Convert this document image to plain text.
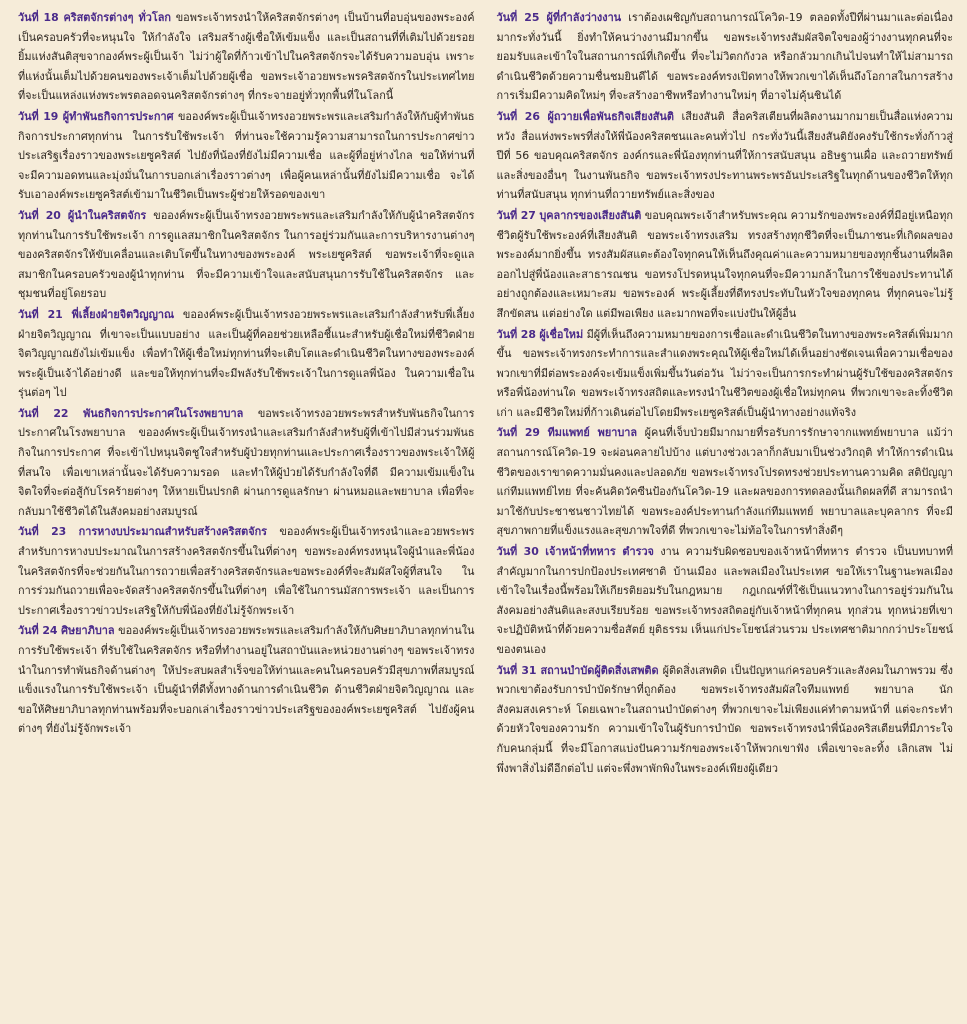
วันที่ 18 คริสตจักรต่างๆ ทั่วโลก ขอพระเจ้าทรงนำให้คริสตจักรต่างๆ เป็นบ้านที่อบอุ่นของพระองค์ เป็นครอบครัวที่จะหนุนใจ ให้กำลังใจ เสริมสร้างผู้เชื่อให้เข้มแข็ง และเป็นสถานที่ที่เติมไปด้วยรอยยิ้มแห่งสันติสุขจากองค์พระผู้เป็นเจ้า ไม่ว่าผู้ใดที่ก้าวเข้าไปในคริสตจักรจะได้รับความอบอุ่น เพราะที่แห่งนั้นเต็มไปด้วยคนของพระเจ้าเต็มไปด้วยผู้เชื่อ ขอพระเจ้าอวยพระพรคริสตจักรในประเทศไทยที่จะเป็นแหล่งแห่งพระพรตลอดจนคริสตจักรต่างๆ ที่กระจายอยู่ทั่วทุกพื้นที่ในโลกนี้

วันที่ 19 ผู้ทำพันธกิจการประกาศ ขอองค์พระผู้เป็นเจ้าทรงอวยพระพรและเสริมกำลังให้กับผู้ทำพันธกิจการประกาศทุกท่าน ในการรับใช้พระเจ้า ที่ท่านจะใช้ความรู้ความสามารถในการประกาศข่าวประเสริฐเรื่องราวของพระเยซูคริสต์ ไปยังที่น้องที่ยังไม่มีความเชื่อ และผู้ที่อยู่ห่างไกล ขอให้ท่านที่จะมีความอดทนและมุ่งมั่นในการบอกเล่าเรื่องราวต่างๆ เพื่อผู้คนเหล่านั้นที่ยังไม่มีความเชื่อ จะได้รับเอาองค์พระเยซูคริสต์เข้ามาในชีวิตเป็นพระผู้ช่วยให้รอดของเขา

วันที่ 20 ผู้นำในคริสตจักร ขอองค์พระผู้เป็นเจ้าทรงอวยพระพรและเสริมกำลังให้กับผู้นำคริสตจักรทุกท่านในการรับใช้พระเจ้า การดูแลสมาชิกในคริสตจักร ในการอยู่ร่วมกันและการบริหารงานต่างๆ ของคริสตจักรให้ขับเคลื่อนและเติบโตขึ้นในทางของพระองค์ พระเยซูคริสต์ ขอพระเจ้าที่จะดูแลสมาชิกในครอบครัวของผู้นำทุกท่าน ที่จะมีความเข้าใจและสนับสนุนการรับใช้ในคริสตจักร และชุมชนที่อยู่โดยรอบ

วันที่ 21 พี่เลี้ยงฝ่ายจิตวิญญาณ ขอองค์พระผู้เป็นเจ้าทรงอวยพระพรและเสริมกำลังสำหรับพี่เลี้ยงฝ่ายจิตวิญญาณ ที่เขาจะเป็นแบบอย่าง และเป็นผู้ที่คอยช่วยเหลือชี้แนะสำหรับผู้เชื่อใหม่ที่ชีวิตฝ่ายจิตวิญญาณยังไม่เข้มแข็ง เพื่อทำให้ผู้เชื่อใหม่ทุกท่านที่จะเติบโตและดำเนินชีวิตในทางของพระองค์พระผู้เป็นเจ้าได้อย่างดี และขอให้ทุกท่านที่จะมีพลังรับใช้พระเจ้าในการดูแลพี่น้อง ในความเชื่อในรุ่นต่อๆ ไป

วันที่ 22 พันธกิจการประกาศในโรงพยาบาล ขอพระเจ้าทรงอวยพระพรสำหรับพันธกิจในการประกาศในโรงพยาบาล ขอองค์พระผู้เป็นเจ้าทรงนำและเสริมกำลังสำหรับผู้ที่เข้าไปมีส่วนร่วมพันธกิจในการประกาศ ที่จะเข้าไปหนุนจิตชูใจสำหรับผู้ป่วยทุกท่านและประกาศเรื่องราวของพระเจ้าให้ผู้ที่สนใจ เพื่อเขาเหล่านั้นจะได้รับความรอด และทำให้ผู้ป่วยได้รับกำลังใจที่ดี มีความเข้มแข็งในจิตใจที่จะต่อสู้กับโรคร้ายต่างๆ ให้หายเป็นปรกติ ผ่านการดูแลรักษา ผ่านหมอและพยาบาล เพื่อที่จะกลับมาใช้ชีวิตได้ในสังคมอย่างสมบูรณ์

วันที่ 23 การหางบประมาณสำหรับสร้างคริสตจักร ขอองค์พระผู้เป็นเจ้าทรงนำและอวยพระพรสำหรับการหางบประมาณในการสร้างคริสตจักรขึ้นในที่ต่างๆ ขอพระองค์ทรงหนุนใจผู้นำและพี่น้องในคริสตจักรที่จะช่วยกันในการถวายเพื่อสร้างคริสตจักรและขอพระองค์ที่จะสัมผัสใจผู้ที่สนใจ ในการร่วมกันถวายเพื่อจะจัดสร้างคริสตจักรขึ้นในที่ต่างๆ เพื่อใช้ในการนมัสการพระเจ้า และเป็นการประกาศเรื่องราวข่าวประเสริฐให้กับพี่น้องที่ยังไม่รู้จักพระเจ้า

วันที่ 24 ศิษยาภิบาล ขอองค์พระผู้เป็นเจ้าทรงอวยพระพรและเสริมกำลังให้กับศิษยาภิบาลทุกท่านในการรับใช้พระเจ้า ที่รับใช้ในคริสตจักร หรือที่ทำงานอยู่ในสถาบันและหน่วยงานต่างๆ ขอพระเจ้าทรงนำในการทำพันธกิจด้านต่างๆ ให้ประสบผลสำเร็จขอให้ท่านและคนในครอบครัวมีสุขภาพที่สมบูรณ์แข็งแรงในการรับใช้พระเจ้า เป็นผู้นำที่ดีทั้งทางด้านการดำเนินชีวิต ด้านชีวิตฝ่ายจิตวิญญาณ และขอให้ศิษยาภิบาลทุกท่านพร้อมที่จะบอกเล่าเรื่องราวข่าวประเสริฐขององค์พระเยซูคริสต์ ไปยังผู้คนต่างๆ ที่ยังไม่รู้จักพระเจ้า

วันที่ 25 ผู้ที่กำลังว่างงาน เราต้องเผชิญกับสถานการณ์โควิด-19 ตลอดทั้งปีที่ผ่านมาและต่อเนื่องมากระทั่งวันนี้ ยิ่งทำให้คนว่างงานมีมากขึ้น ขอพระเจ้าทรงสัมผัสจิตใจของผู้ว่างงานทุกคนที่จะยอมรับและเข้าใจในสถานการณ์ที่เกิดขึ้น ที่จะไม่วิตกกังวล หรือกลัวมากเกินไปจนทำให้ไม่สามารถดำเนินชีวิตด้วยความชื่นชมยินดีได้ ขอพระองค์ทรงเปิดทางให้พวกเขาได้เห็นถึงโอกาสในการสร้าง การเริ่มมีความคิดใหม่ๆ ที่จะสร้างอาชีพหรือทำงานใหม่ๆ ที่อาจไม่คุ้นชินได้

วันที่ 26 ผู้ถวายเพื่อพันธกิจเสียงสันติ เสียงสันติ สื่อคริสเตียนที่ผลิตงานมากมายเป็นสื่อแห่งความหวัง สื่อแห่งพระพรที่ส่งให้พี่น้องคริสตชนและคนทั่วไป กระทั่งวันนี้เสียงสันติยังคงรับใช้กระทั่งก้าวสู่ปีที่ 56 ขอบคุณคริสตจักร องค์กรและพี่น้องทุกท่านที่ให้การสนับสนุน อธิษฐานเผื่อ และถวายทรัพย์ และสิ่งของอื่นๆ ในงานพันธกิจ ขอพระเจ้าทรงประทานพระพรอันประเสริฐในทุกด้านของชีวิตให้ทุกท่านที่สนับสนุน ทุกท่านที่ถวายทรัพย์และสิ่งของ

วันที่ 27 บุคลากรของเสียงสันติ ขอบคุณพระเจ้าสำหรับพระคุณ ความรักของพระองค์ที่มีอยู่เหนือทุกชีวิตผู้รับใช้พระองค์ที่เสียงสันติ ขอพระเจ้าทรงเสริม ทรงสร้างทุกชีวิตที่จะเป็นภาชนะที่เกิดผลของพระองค์มากยิ่งขึ้น ทรงสัมผัสแตะต้องใจทุกคนให้เห็นถึงคุณค่าและความหมายของทุกชิ้นงานที่ผลิตออกไปสู่พี่น้องและสาธารณชน ขอทรงโปรดหนุนใจทุกคนที่จะมีความกล้าในการใช้ของประทานได้อย่างถูกต้องและเหมาะสม ขอพระองค์ พระผู้เลี้ยงที่ดีทรงประทับในหัวใจของทุกคน ที่ทุกคนจะไม่รู้สึกขัดสน แต่อย่างใด แต่มีพอเพียง และมากพอที่จะแบ่งปันให้ผู้อื่น

วันที่ 28 ผู้เชื่อใหม่ มีผู้ที่เห็นถึงความหมายของการเชื่อและดำเนินชีวิตในทางของพระคริสต์เพิ่มมากขึ้น ขอพระเจ้าทรงกระทำการและสำแดงพระคุณให้ผู้เชื่อใหม่ได้เห็นอย่างชัดเจนเพื่อความเชื่อของพวกเขาที่มีต่อพระองค์จะเข้มแข็งเพิ่มขึ้นวันต่อวัน ไม่ว่าจะเป็นการกระทำผ่านผู้รับใช้ของคริสตจักรหรือพี่น้องท่านใด ขอพระเจ้าทรงสถิตและทรงนำในชีวิตของผู้เชื่อใหม่ทุกคน ที่พวกเขาจะละทิ้งชีวิตเก่า และมีชีวิตใหม่ที่ก้าวเดินต่อไปโดยมีพระเยซูคริสต์เป็นผู้นำทางอย่างแท้จริง

วันที่ 29 ทีมแพทย์ พยาบาล ผู้คนที่เจ็บป่วยมีมากมายที่รอรับการรักษาจากแพทย์พยาบาล แม้ว่าสถานการณ์โควิด-19 จะผ่อนคลายไปบ้าง แต่บางช่วงเวลาก็กลับมาเป็นช่วงวิกฤติ ทำให้การดำเนินชีวิตของเราขาดความมั่นคงและปลอดภัย ขอพระเจ้าทรงโปรดทรงช่วยประทานความคิด สติปัญญาแก่ทีมแพทย์ไทย ที่จะค้นคิดวัคซีนป้องกันโควิด-19 และผลของการทดลองนั้นเกิดผลที่ดี สามารถนำมาใช้กับประชาชนชาวไทยได้ ขอพระองค์ประทานกำลังแก่ทีมแพทย์ พยาบาลและบุคลากร ที่จะมีสุขภาพกายที่แข็งแรงและสุขภาพใจที่ดี ที่พวกเขาจะไม่ท้อใจในการทำสิ่งดีๆ

วันที่ 30 เจ้าหน้าที่ทหาร ตำรวจ งาน ความรับผิดชอบของเจ้าหน้าที่ทหาร ตำรวจ เป็นบทบาทที่สำคัญมากในการปกป้องประเทศชาติ บ้านเมือง และพลเมืองในประเทศ ขอให้เราในฐานะพลเมือง เข้าใจในเรื่องนี้พร้อมให้เกียรติยอมรับในกฎหมาย กฎเกณฑ์ที่ใช้เป็นแนวทางในการอยู่ร่วมกันในสังคมอย่างสันติและสงบเรียบร้อย ขอพระเจ้าทรงสถิตอยู่กับเจ้าหน้าที่ทุกคน ทุกส่วน ทุกหน่วยที่เขาจะปฏิบัติหน้าที่ด้วยความซื่อสัตย์ ยุติธรรม เห็นแก่ประโยชน์ส่วนรวม ประเทศชาติมากกว่าประโยชน์ของตนเอง

วันที่ 31 สถานบำบัดผู้ติดสิ่งเสพติด ผู้ติดสิ่งเสพติด เป็นปัญหาแก่ครอบครัวและสังคมในภาพรวม ซึ่งพวกเขาต้องรับการบำบัดรักษาที่ถูกต้อง ขอพระเจ้าทรงสัมผัสใจทีมแพทย์ พยาบาล นักสังคมสงเคราะห์ โดยเฉพาะในสถานบำบัดต่างๆ ที่พวกเขาจะไม่เพียงแค่ทำตามหน้าที่ แต่จะกระทำด้วยหัวใจของความรัก ความเข้าใจในผู้รับการบำบัด ขอพระเจ้าทรงนำพี่น้องคริสเตียนที่มีภาระใจกับคนกลุ่มนี้ ที่จะมีโอกาสแบ่งปันความรักของพระเจ้าให้พวกเขาฟัง เพื่อเขาจะละทิ้ง เลิกเสพ ไม่พึ่งพาสิ่งไม่ดีอีกต่อไป แต่จะพึ่งพาพักพิงในพระองค์เพียงผู้เดียว
